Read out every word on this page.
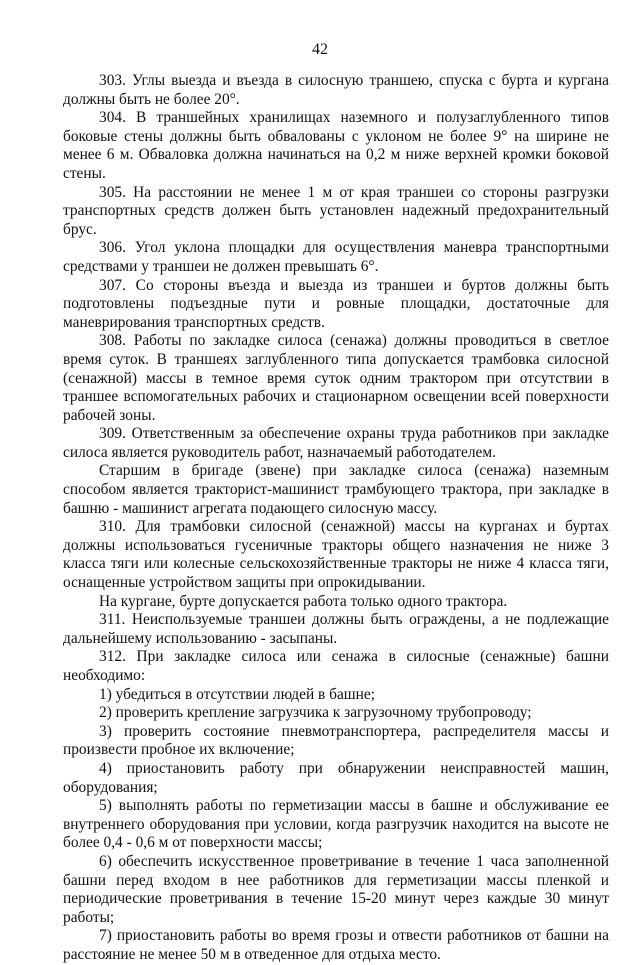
42

303. Углы выезда и въезда в силосную траншею, спуска с бурта и кургана должны быть не более 20°.

304. В траншейных хранилищах наземного и полузаглубленного типов боковые стены должны быть обвалованы с уклоном не более 9° на ширине не менее 6 м. Обваловка должна начинаться на 0,2 м ниже верхней кромки боковой стены.

305. На расстоянии не менее 1 м от края траншеи со стороны разгрузки транспортных средств должен быть установлен надежный предохранительный брус.

306. Угол уклона площадки для осуществления маневра транспортными средствами у траншеи не должен превышать 6°.

307. Со стороны въезда и выезда из траншеи и буртов должны быть подготовлены подъездные пути и ровные площадки, достаточные для маневрирования транспортных средств.

308. Работы по закладке силоса (сенажа) должны проводиться в светлое время суток. В траншеях заглубленного типа допускается трамбовка силосной (сенажной) массы в темное время суток одним трактором при отсутствии в траншее вспомогательных рабочих и стационарном освещении всей поверхности рабочей зоны.

309. Ответственным за обеспечение охраны труда работников при закладке силоса является руководитель работ, назначаемый работодателем.

Старшим в бригаде (звене) при закладке силоса (сенажа) наземным способом является тракторист-машинист трамбующего трактора, при закладке в башню - машинист агрегата подающего силосную массу.

310. Для трамбовки силосной (сенажной) массы на курганах и буртах должны использоваться гусеничные тракторы общего назначения не ниже 3 класса тяги или колесные сельскохозяйственные тракторы не ниже 4 класса тяги, оснащенные устройством защиты при опрокидывании.

На кургане, бурте допускается работа только одного трактора.

311. Неиспользуемые траншеи должны быть ограждены, а не подлежащие дальнейшему использованию - засыпаны.

312. При закладке силоса или сенажа в силосные (сенажные) башни необходимо:

1) убедиться в отсутствии людей в башне;

2) проверить крепление загрузчика к загрузочному трубопроводу;

3) проверить состояние пневмотранспортера, распределителя массы и произвести пробное их включение;

4) приостановить работу при обнаружении неисправностей машин, оборудования;

5) выполнять работы по герметизации массы в башне и обслуживание ее внутреннего оборудования при условии, когда разгрузчик находится на высоте не более 0,4 - 0,6 м от поверхности массы;

6) обеспечить искусственное проветривание в течение 1 часа заполненной башни перед входом в нее работников для герметизации массы пленкой и периодические проветривания в течение 15-20 минут через каждые 30 минут работы;

7) приостановить работы во время грозы и отвести работников от башни на расстояние не менее 50 м в отведенное для отдыха место.
